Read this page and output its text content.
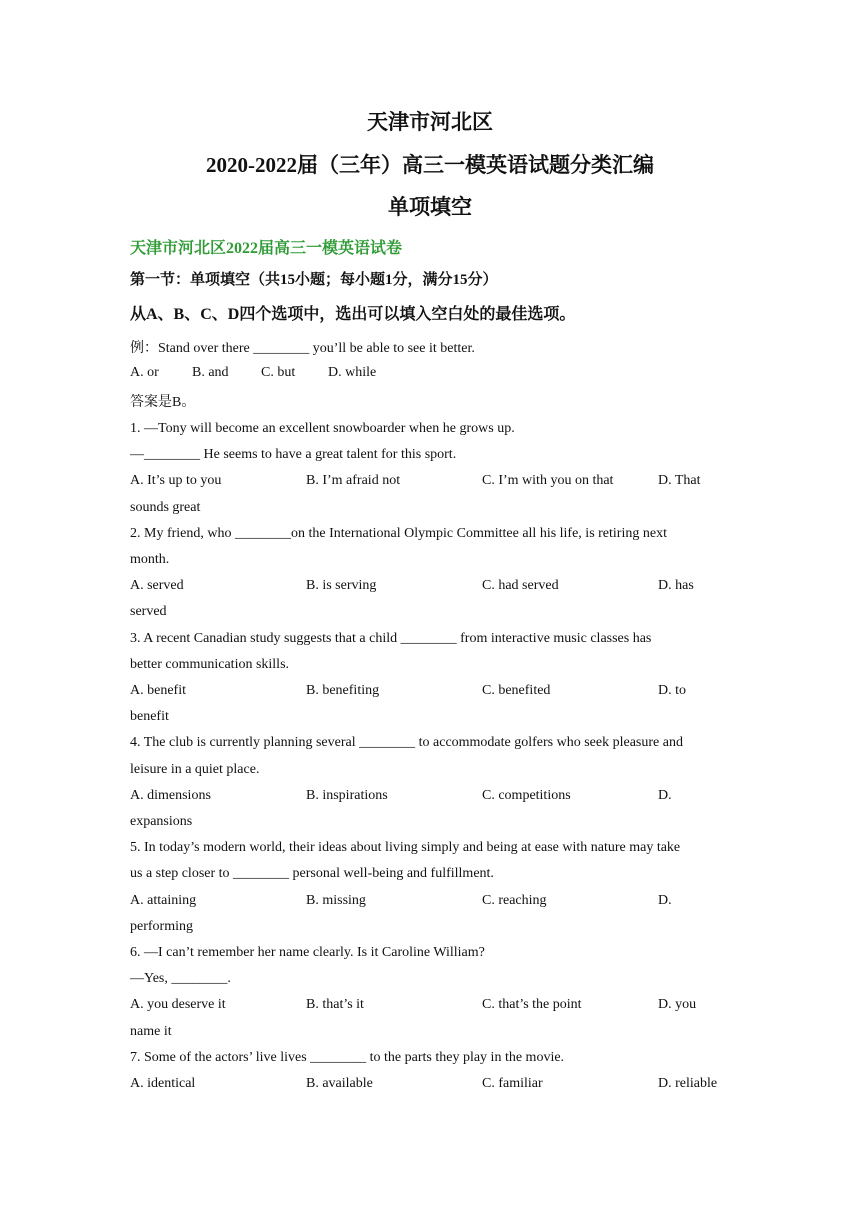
天津市河北区
2020-2022届（三年）高三一模英语试题分类汇编
单项填空
天津市河北区2022届高三一模英语试卷
第一节：单项填空（共15小题；每小题1分，满分15分）
从A、B、C、D四个选项中，选出可以填入空白处的最佳选项。
例：Stand over there ________ you’ll be able to see it better.
A. or B. and C. but D. while
答案是B。
1. —Tony will become an excellent snowboarder when he grows up.
—________ He seems to have a great talent for this sport.
A. It’s up to you	B. I’m afraid not	C. I’m with you on that	D. That
sounds great
2. My friend, who ________on the International Olympic Committee all his life, is retiring next
month.
A. served	B. is serving	C. had served	D. has
served
3. A recent Canadian study suggests that a child ________ from interactive music classes has
better communication skills.
A. benefit	B. benefiting	C. benefited	D. to
benefit
4. The club is currently planning several ________ to accommodate golfers who seek pleasure and
leisure in a quiet place.
A. dimensions	B. inspirations	C. competitions	D.
expansions
5. In today’s modern world, their ideas about living simply and being at ease with nature may take
us a step closer to ________ personal well-being and fulfillment.
A. attaining	B. missing	C. reaching	D.
performing
6. —I can’t remember her name clearly. Is it Caroline William?
—Yes, ________.
A. you deserve it	B. that’s it	C. that’s the point	D. you
name it
7. Some of the actors’ live lives ________ to the parts they play in the movie.
A. identical	B. available	C. familiar	D. reliable
